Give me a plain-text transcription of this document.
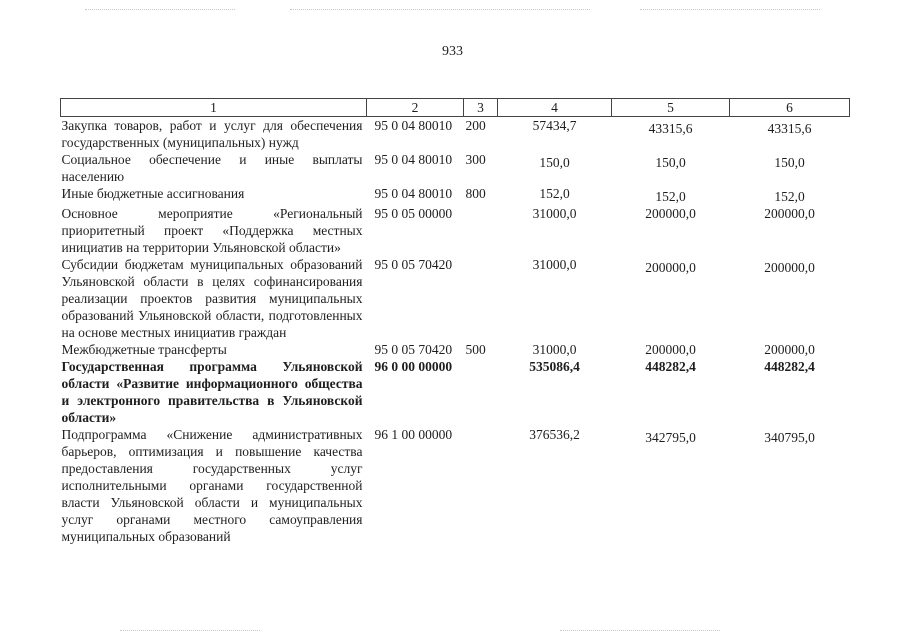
933
1	2	3	4	5	6
Закупка товаров, работ и услуг для обеспечения государственных (муниципальных) нужд	95 0 04 80010	200	57434,7	43315,6	43315,6
Социальное обеспечение и иные выплаты населению	95 0 04 80010	300	150,0	150,0	150,0
Иные бюджетные ассигнования	95 0 04 80010	800	152,0	152,0	152,0
Основное мероприятие «Региональный приоритетный проект «Поддержка местных инициатив на территории Ульяновской области»	95 0 05 00000		31000,0	200000,0	200000,0
Субсидии бюджетам муниципальных образований Ульяновской области в целях софинансирования реализации проектов развития муниципальных образований Ульяновской области, подготовленных на основе местных инициатив граждан	95 0 05 70420		31000,0	200000,0	200000,0
Межбюджетные трансферты	95 0 05 70420	500	31000,0	200000,0	200000,0
Государственная программа Ульяновской области «Развитие информационного общества и электронного правительства в Ульяновской области»	96 0 00 00000		535086,4	448282,4	448282,4
Подпрограмма «Снижение административных барьеров, оптимизация и повышение качества предоставления государственных услуг исполнительными органами государственной власти Ульяновской области и муниципальных услуг органами местного самоуправления муниципальных образований	96 1 00 00000		376536,2	342795,0	340795,0
